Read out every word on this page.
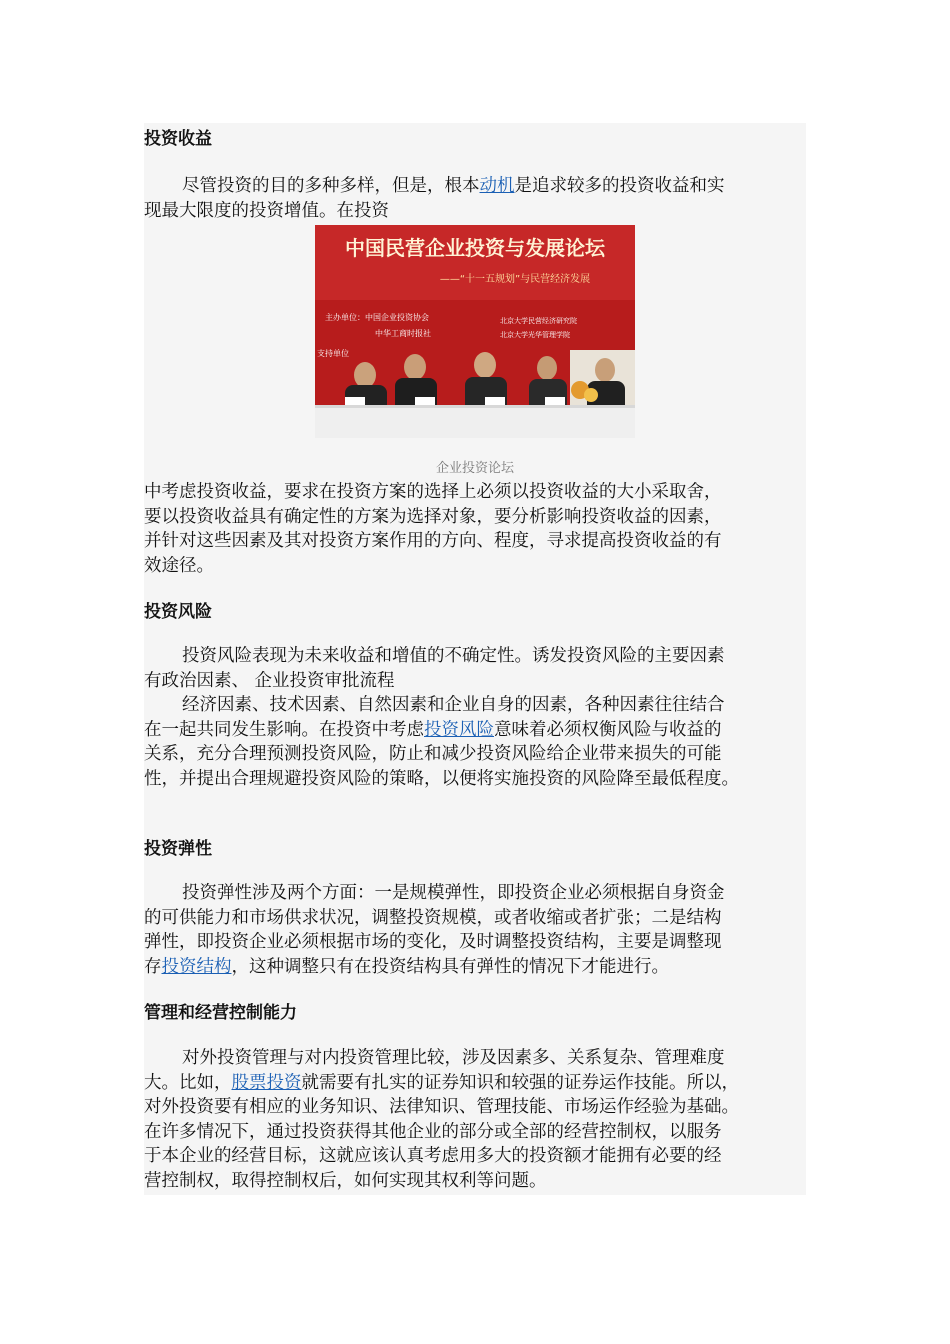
投资收益

尽管投资的目的多种多样，但是，根本动机是追求较多的投资收益和实

现最大限度的投资增值。在投资

中国民营企业投资与发展论坛
——“十一五规划”与民营经济发展
主办单位：中国企业投资协会
中华工商时报社
北京大学民营经济研究院
北京大学光华管理学院
支持单位
企业投资论坛

中考虑投资收益，要求在投资方案的选择上必须以投资收益的大小采取舍，

要以投资收益具有确定性的方案为选择对象，要分析影响投资收益的因素，

并针对这些因素及其对投资方案作用的方向、程度，寻求提高投资收益的有

效途径。

投资风险

投资风险表现为未来收益和增值的不确定性。诱发投资风险的主要因素

有政治因素、 企业投资审批流程

经济因素、技术因素、自然因素和企业自身的因素，各种因素往往结合

在一起共同发生影响。在投资中考虑投资风险意味着必须权衡风险与收益的

关系，充分合理预测投资风险，防止和减少投资风险给企业带来损失的可能

性，并提出合理规避投资风险的策略，以便将实施投资的风险降至最低程度。

投资弹性

投资弹性涉及两个方面：一是规模弹性，即投资企业必须根据自身资金

的可供能力和市场供求状况，调整投资规模，或者收缩或者扩张；二是结构

弹性，即投资企业必须根据市场的变化，及时调整投资结构，主要是调整现

存投资结构，这种调整只有在投资结构具有弹性的情况下才能进行。

管理和经营控制能力

对外投资管理与对内投资管理比较，涉及因素多、关系复杂、管理难度

大。比如，股票投资就需要有扎实的证券知识和较强的证券运作技能。所以，

对外投资要有相应的业务知识、法律知识、管理技能、市场运作经验为基础。

在许多情况下，通过投资获得其他企业的部分或全部的经营控制权，以服务

于本企业的经营目标，这就应该认真考虑用多大的投资额才能拥有必要的经

营控制权，取得控制权后，如何实现其权利等问题。
